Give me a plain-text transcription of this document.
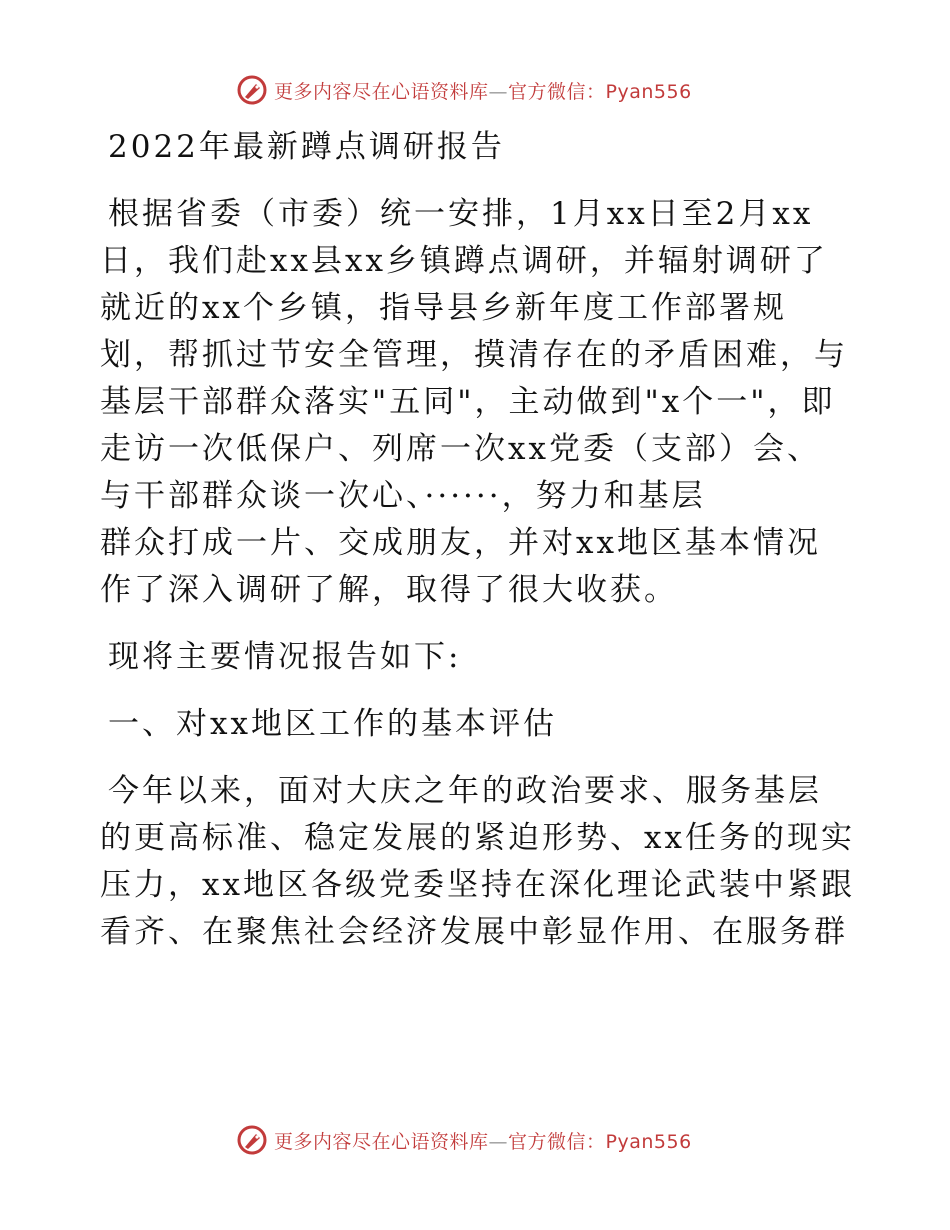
更多内容尽在心语资料库—官方微信：Pyan556
2022年最新蹲点调研报告
根据省委（市委）统一安排，1月xx日至2月xx
日，我们赴xx县xx乡镇蹲点调研，并辐射调研了
就近的xx个乡镇，指导县乡新年度工作部署规
划，帮抓过节安全管理，摸清存在的矛盾困难，与
基层干部群众落实"五同"，主动做到"x个一"，即
走访一次低保户、列席一次xx党委（支部）会、
与干部群众谈一次心、······，努力和基层
群众打成一片、交成朋友，并对xx地区基本情况
作了深入调研了解，取得了很大收获。
现将主要情况报告如下:
一、对xx地区工作的基本评估
今年以来，面对大庆之年的政治要求、服务基层
的更高标准、稳定发展的紧迫形势、xx任务的现实
压力，xx地区各级党委坚持在深化理论武装中紧跟
看齐、在聚焦社会经济发展中彰显作用、在服务群
更多内容尽在心语资料库—官方微信：Pyan556
